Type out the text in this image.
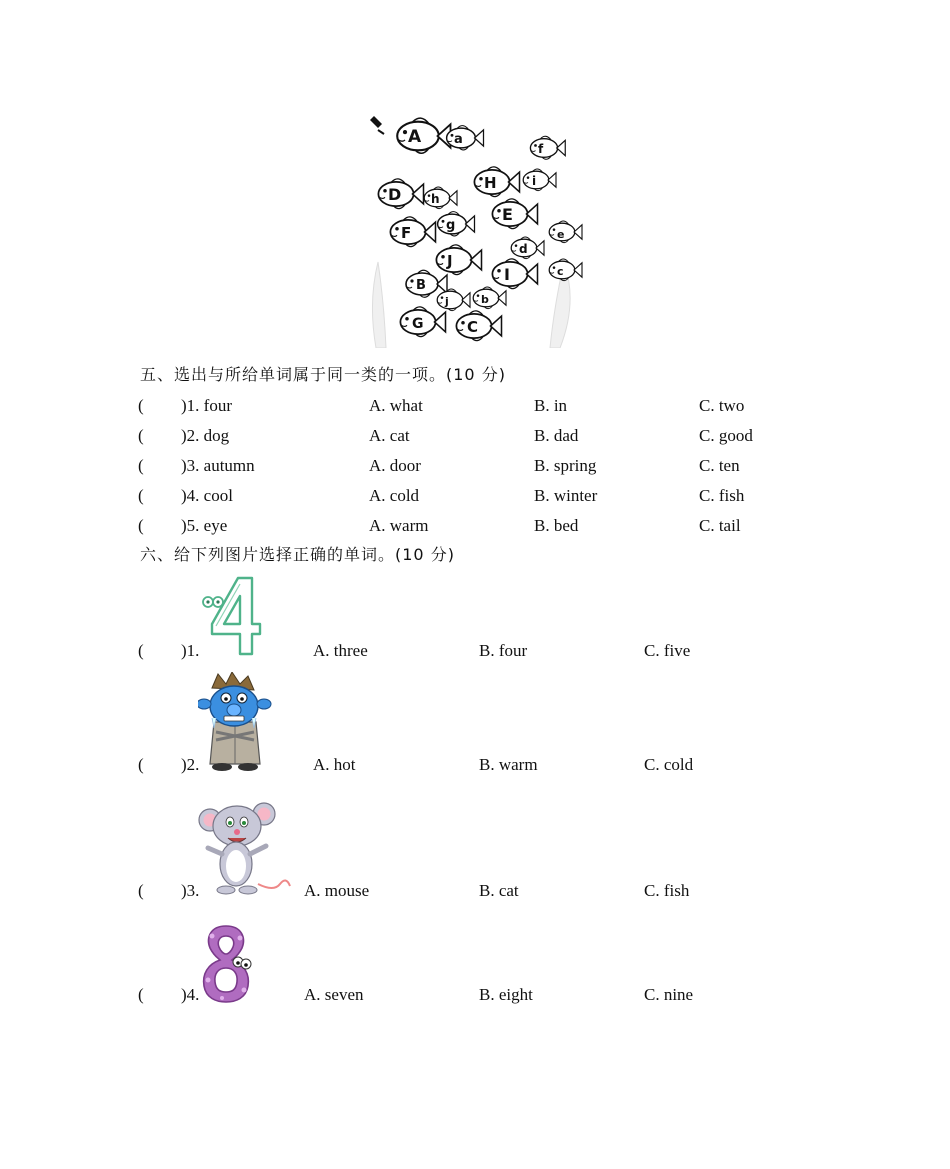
A	a
f
D h
H	i
E
F	g
e
J
d
B
I	c
j	b
G	C
五、选出与所给单词属于同一类的一项。(10 分)
( )1. four	A. what	B. in	C. two
( )2. dog	A. cat	B. dad	C. good
( )3. autumn	A. door	B. spring	C. ten
( )4. cool	A. cold	B. winter	C. fish
( )5. eye	A. warm	B. bed	C. tail
六、给下列图片选择正确的单词。(10 分)
( )1.	A. three	B. four	C. five
( )2.	A. hot	B. warm	C. cold
( )3.	A. mouse	B. cat	C. fish
( )4.	A. seven	B. eight	C. nine
